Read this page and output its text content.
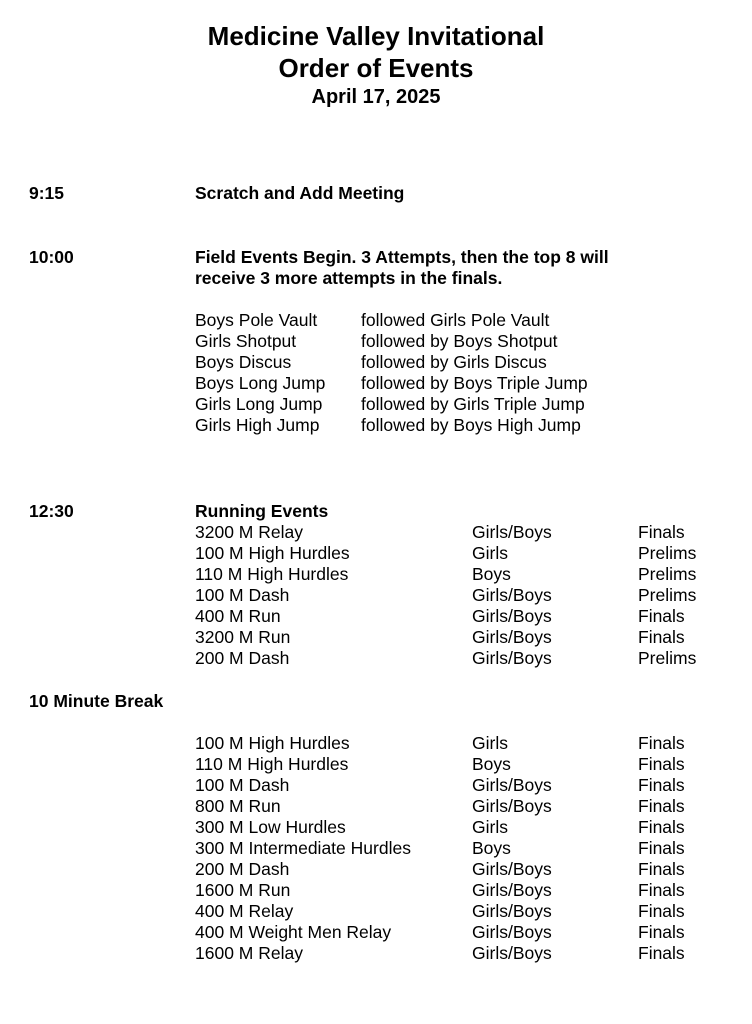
Medicine Valley Invitational
Order of Events
April 17, 2025
9:15	Scratch and Add Meeting
10:00	Field Events Begin. 3 Attempts, then the top 8 will
receive 3 more attempts in the finals.
Boys Pole Vault	followed Girls Pole Vault
Girls Shotput	followed by Boys Shotput
Boys Discus	followed by Girls Discus
Boys Long Jump followed by Boys Triple Jump
Girls Long Jump followed by Girls Triple Jump
Girls High Jump followed by Boys High Jump
12:30	Running Events
3200 M Relay	Girls/Boys	Finals
100 M High Hurdles	Girls	Prelims
110 M High Hurdles	Boys	Prelims
100 M Dash	Girls/Boys	Prelims
400 M Run	Girls/Boys	Finals
3200 M Run	Girls/Boys	Finals
200 M Dash	Girls/Boys	Prelims
10 Minute Break
100 M High Hurdles	Girls	Finals
110 M High Hurdles	Boys	Finals
100 M Dash	Girls/Boys	Finals
800 M Run	Girls/Boys	Finals
300 M Low Hurdles	Girls	Finals
300 M Intermediate Hurdles	Boys	Finals
200 M Dash	Girls/Boys	Finals
1600 M Run	Girls/Boys	Finals
400 M Relay	Girls/Boys	Finals
400 M Weight Men Relay	Girls/Boys	Finals
1600 M Relay	Girls/Boys	Finals
